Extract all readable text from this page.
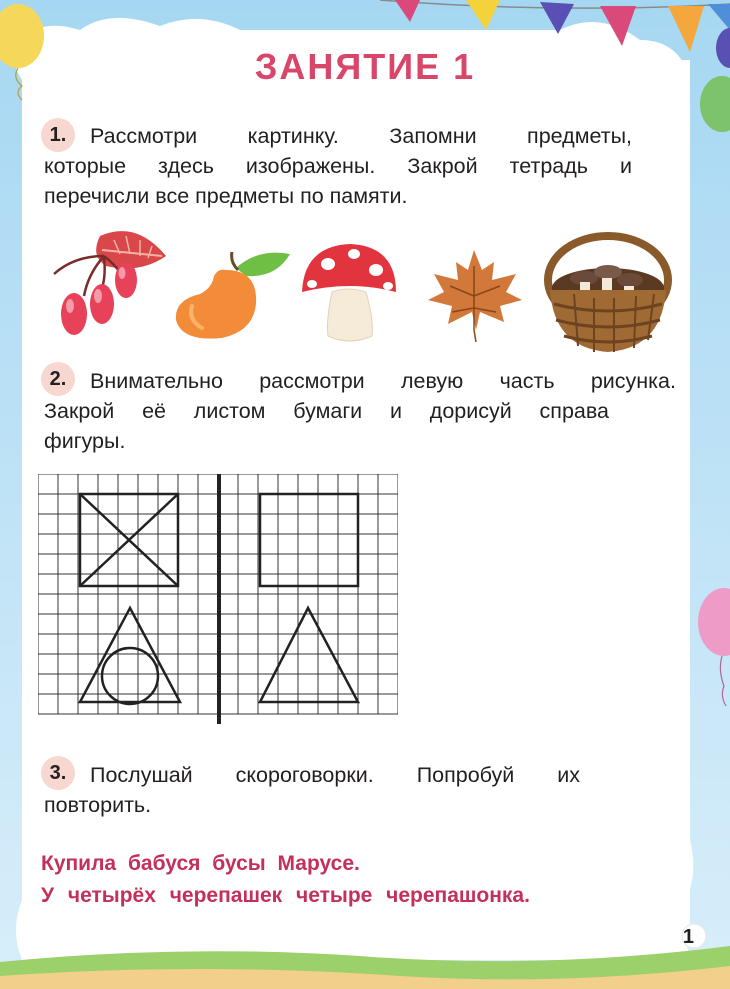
ЗАНЯТИЕ 1
1.	Рассмотри картинку. Запомни предметы,
которые здесь изображены. Закрой тетрадь и
перечисли все предметы по памяти.
2.	Внимательно рассмотри левую часть рисунка.
Закрой её листом бумаги и дорисуй справа
фигуры.
3.	Послушай скороговорки. Попробуй их
повторить.
Купила бабуся бусы Марусе.
У четырёх черепашек четыре черепашонка.
1
